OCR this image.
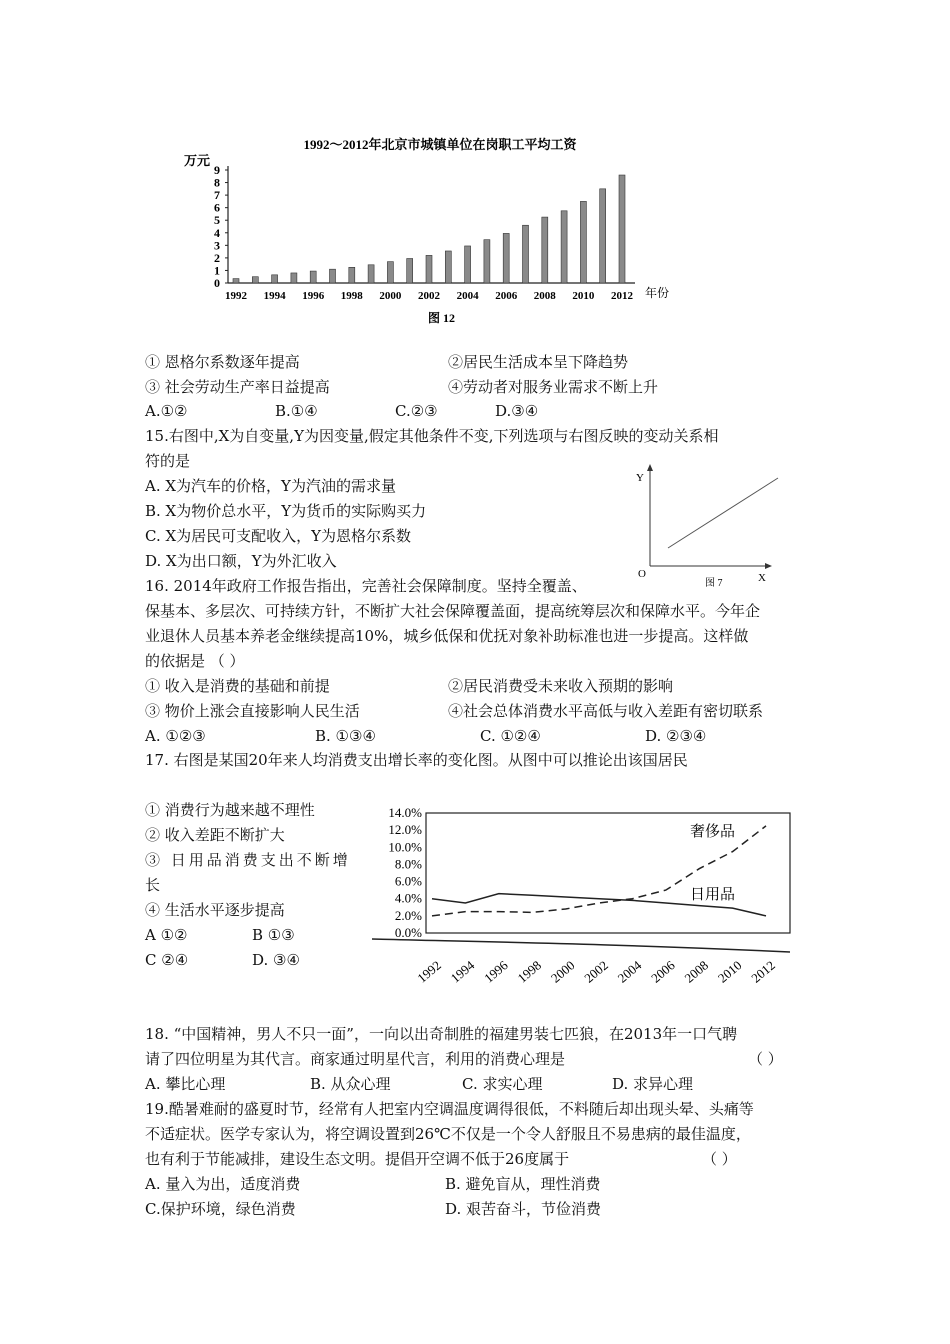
1992～2012年北京市城镇单位在岗职工平均工资
万元
0
1
2
3
4
5
6
7
8
9
1992 1994 1996 1998 2000 2002 2004 2006 2008 2010 2012 年份
图 12
① 恩格尔系数逐年提高	②居民生活成本呈下降趋势
③ 社会劳动生产率日益提高	④劳动者对服务业需求不断上升
A.①②	B.①④	C.②③	D.③④
15.右图中,X为自变量,Y为因变量,假定其他条件不变,下列选项与右图反映的变动关系相
符的是
A. X为汽车的价格，Y为汽油的需求量
B. X为物价总水平，Y为货币的实际购买力
C. X为居民可支配收入，Y为恩格尔系数
D. X为出口额，Y为外汇收入
Y
O	X
图 7
16. 2014年政府工作报告指出，完善社会保障制度。坚持全覆盖、
保基本、多层次、可持续方针，不断扩大社会保障覆盖面，提高统筹层次和保障水平。今年企
业退休人员基本养老金继续提高10%，城乡低保和优抚对象补助标准也进一步提高。这样做
的依据是 （ ）
① 收入是消费的基础和前提	②居民消费受未来收入预期的影响
③ 物价上涨会直接影响人民生活	④社会总体消费水平高低与收入差距有密切联系
A. ①②③	B. ①③④	C. ①②④	D. ②③④
17. 右图是某国20年来人均消费支出增长率的变化图。从图中可以推论出该国居民
① 消费行为越来越不理性
② 收入差距不断扩大
③ 日用品消费支出不断增
长
④ 生活水平逐步提高
A ①②	B ①③
C ②④	D. ③④
14.0%
12.0%
10.0%
8.0%
6.0%
4.0%
2.0%
0.0%
1992 1994 1996 1998 2000 2002 2004 2006 2008 2010 2012
奢侈品
日用品
18. “中国精神，男人不只一面”，一向以出奇制胜的福建男装七匹狼，在2013年一口气聘
请了四位明星为其代言。商家通过明星代言，利用的消费心理是	（ ）
A. 攀比心理	B. 从众心理	C. 求实心理	D. 求异心理
19.酷暑难耐的盛夏时节，经常有人把室内空调温度调得很低，不料随后却出现头晕、头痛等
不适症状。医学专家认为，将空调设置到26℃不仅是一个令人舒服且不易患病的最佳温度，
也有利于节能减排，建设生态文明。提倡开空调不低于26度属于	（ ）
A. 量入为出，适度消费	B. 避免盲从，理性消费
C.保护环境，绿色消费	D. 艰苦奋斗，节俭消费
